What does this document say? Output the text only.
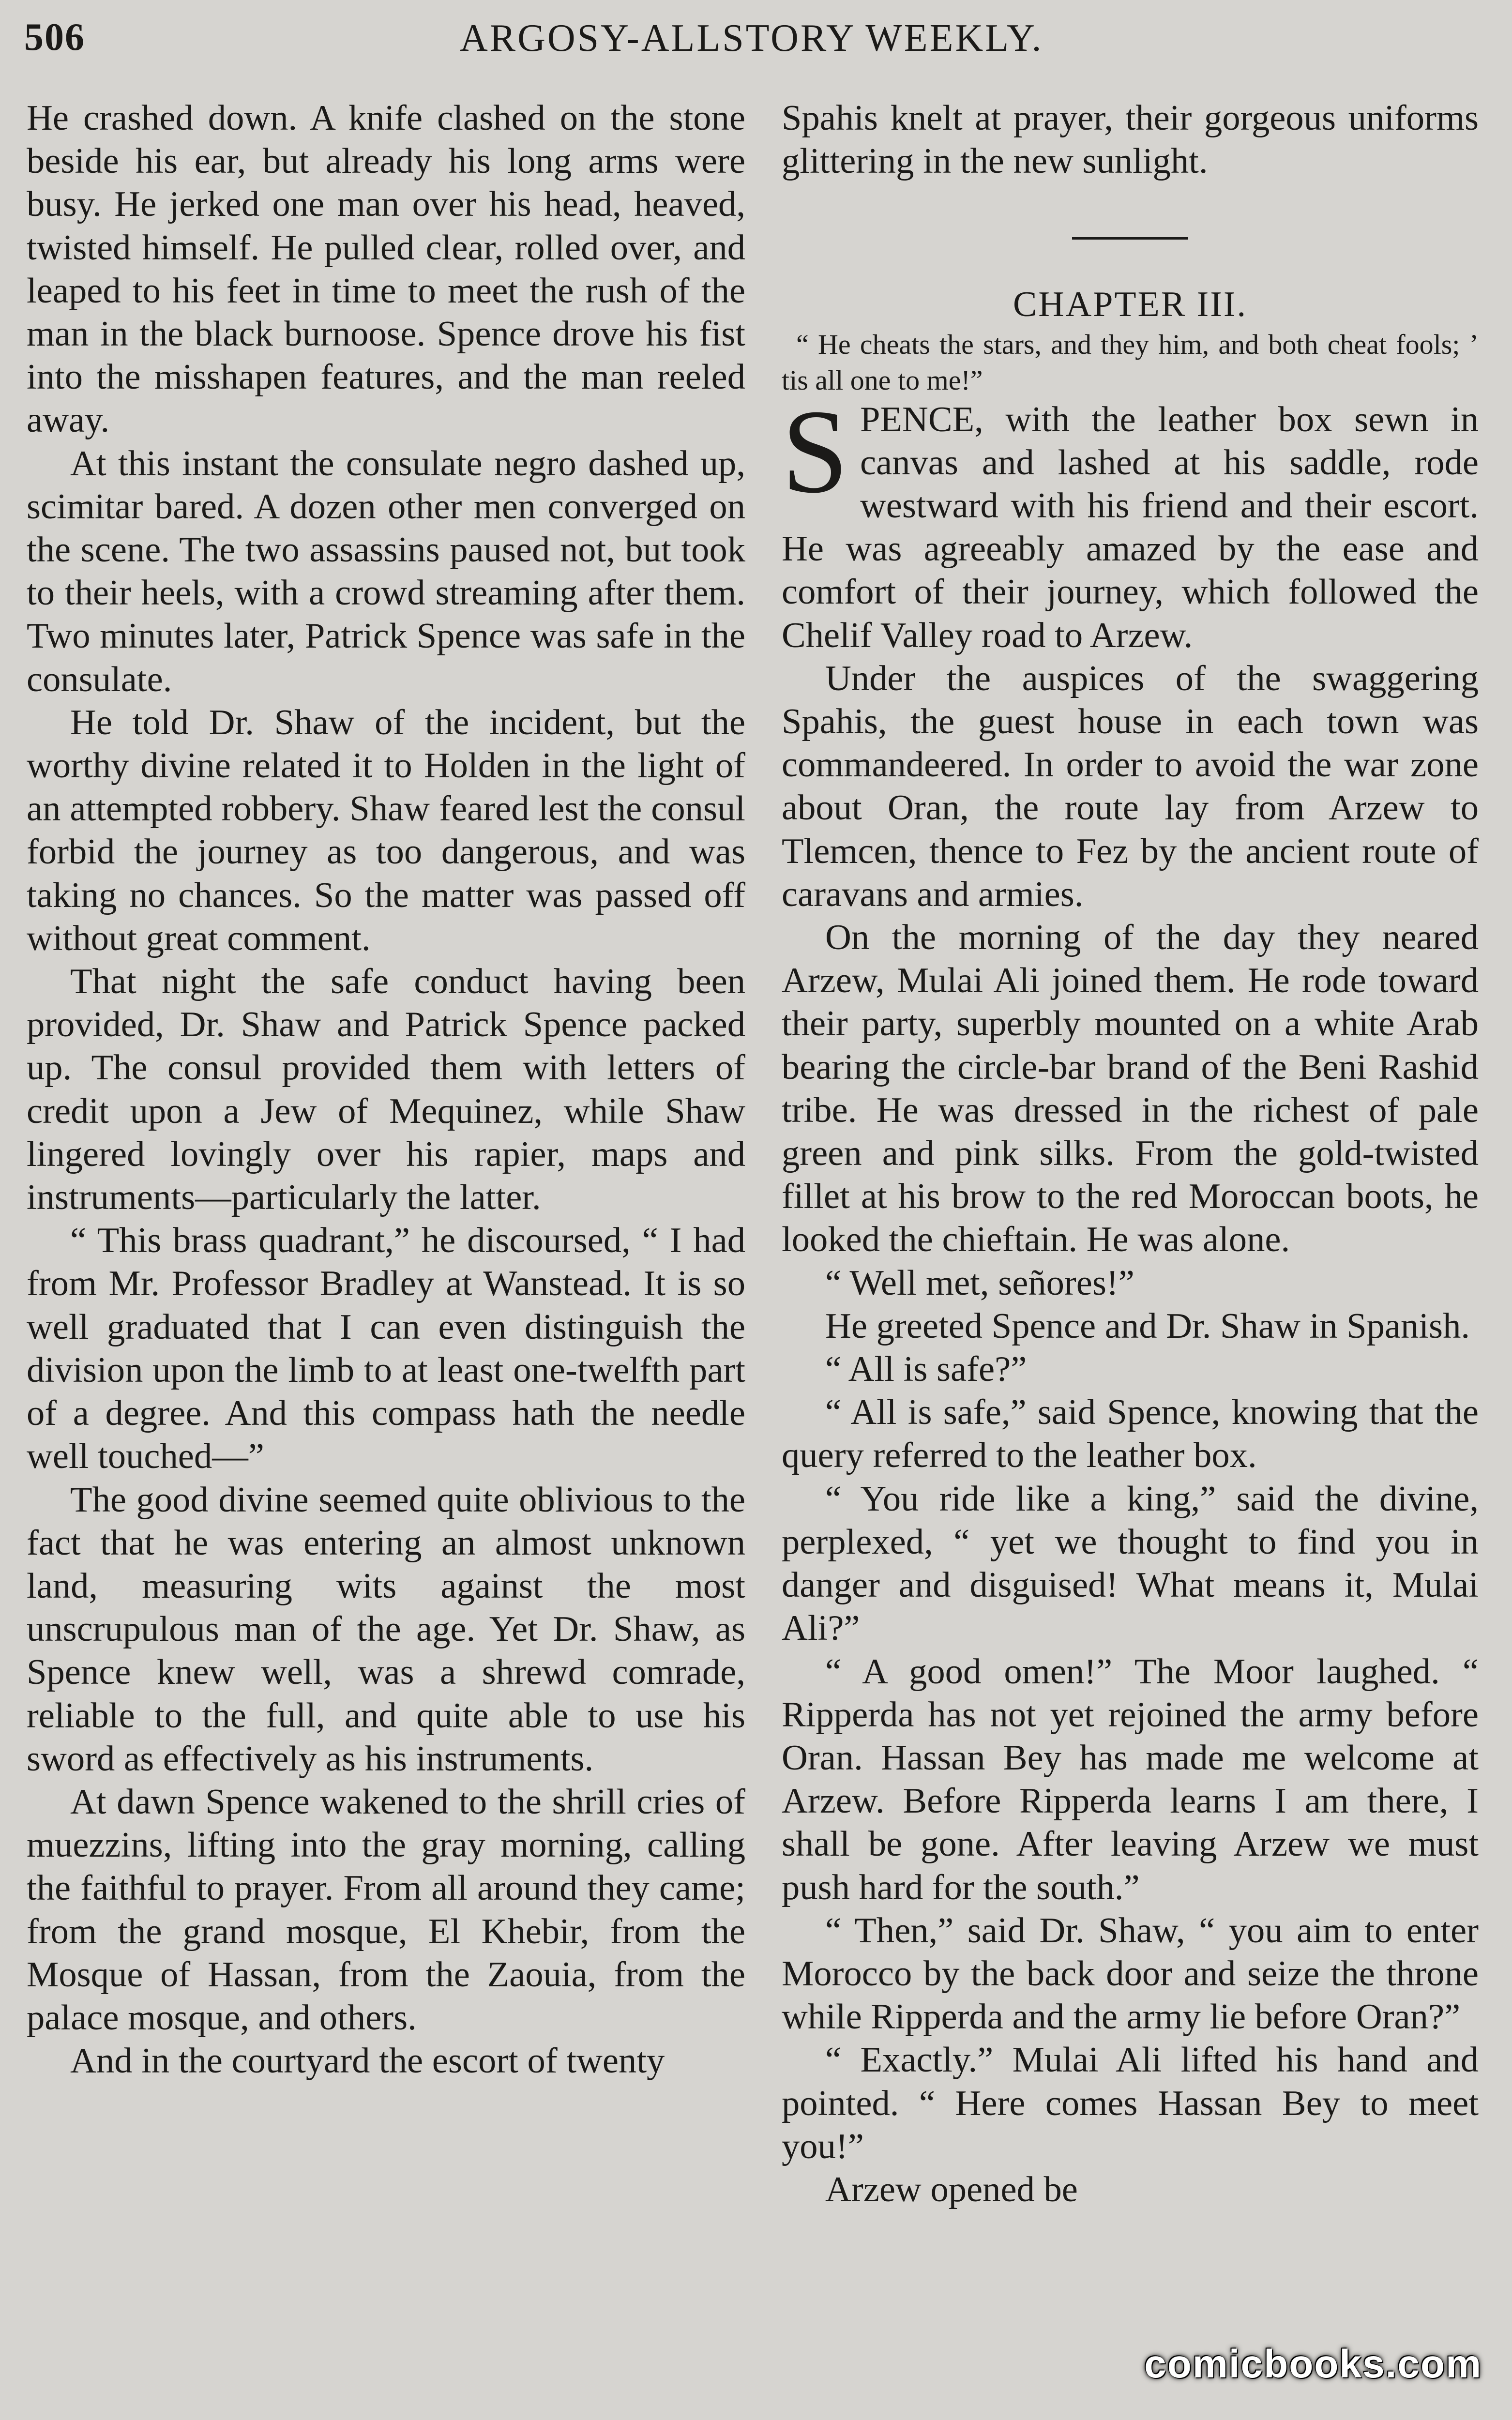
506	ARGOSY-ALLSTORY WEEKLY.

He crashed down. A knife clashed on the stone beside his ear, but already his long arms were busy. He jerked one man over his head, heaved, twisted himself. He pulled clear, rolled over, and leaped to his feet in time to meet the rush of the man in the black burnoose. Spence drove his fist into the misshapen features, and the man reeled away.

At this instant the consulate negro dashed up, scimitar bared. A dozen other men converged on the scene. The two assassins paused not, but took to their heels, with a crowd streaming after them. Two minutes later, Patrick Spence was safe in the consulate.

He told Dr. Shaw of the incident, but the worthy divine related it to Holden in the light of an attempted robbery. Shaw feared lest the consul forbid the journey as too dangerous, and was taking no chances. So the matter was passed off without great comment.

That night the safe conduct having been provided, Dr. Shaw and Patrick Spence packed up. The consul provided them with letters of credit upon a Jew of Mequinez, while Shaw lingered lovingly over his rapier, maps and instruments—particularly the latter.

“ This brass quadrant,” he discoursed, “ I had from Mr. Professor Bradley at Wanstead. It is so well graduated that I can even distinguish the division upon the limb to at least one-twelfth part of a degree. And this compass hath the needle well touched—”

The good divine seemed quite oblivious to the fact that he was entering an almost unknown land, measuring wits against the most unscrupulous man of the age. Yet Dr. Shaw, as Spence knew well, was a shrewd comrade, reliable to the full, and quite able to use his sword as effectively as his instruments.

At dawn Spence wakened to the shrill cries of muezzins, lifting into the gray morning, calling the faithful to prayer. From all around they came; from the grand mosque, El Khebir, from the Mosque of Hassan, from the Zaouia, from the palace mosque, and others.

And in the courtyard the escort of twenty

Spahis knelt at prayer, their gorgeous uniforms glittering in the new sunlight.

CHAPTER III.

“ He cheats the stars, and they him, and both cheat fools; ’ tis all one to me!”

SPENCE, with the leather box sewn in canvas and lashed at his saddle, rode westward with his friend and their escort. He was agreeably amazed by the ease and comfort of their journey, which followed the Chelif Valley road to Arzew.

Under the auspices of the swaggering Spahis, the guest house in each town was commandeered. In order to avoid the war zone about Oran, the route lay from Arzew to Tlemcen, thence to Fez by the ancient route of caravans and armies.

On the morning of the day they neared Arzew, Mulai Ali joined them. He rode toward their party, superbly mounted on a white Arab bearing the circle-bar brand of the Beni Rashid tribe. He was dressed in the richest of pale green and pink silks. From the gold-twisted fillet at his brow to the red Moroccan boots, he looked the chieftain. He was alone.

“ Well met, señores!”

He greeted Spence and Dr. Shaw in Spanish.

“ All is safe?”

“ All is safe,” said Spence, knowing that the query referred to the leather box.

“ You ride like a king,” said the divine, perplexed, “ yet we thought to find you in danger and disguised! What means it, Mulai Ali?”

“ A good omen!” The Moor laughed. “ Ripperda has not yet rejoined the army before Oran. Hassan Bey has made me welcome at Arzew. Before Ripperda learns I am there, I shall be gone. After leaving Arzew we must push hard for the south.”

“ Then,” said Dr. Shaw, “ you aim to enter Morocco by the back door and seize the throne while Ripperda and the army lie before Oran?”

“ Exactly.” Mulai Ali lifted his hand and pointed. “ Here comes Hassan Bey to meet you!”

Arzew opened be

comicbooks.com
